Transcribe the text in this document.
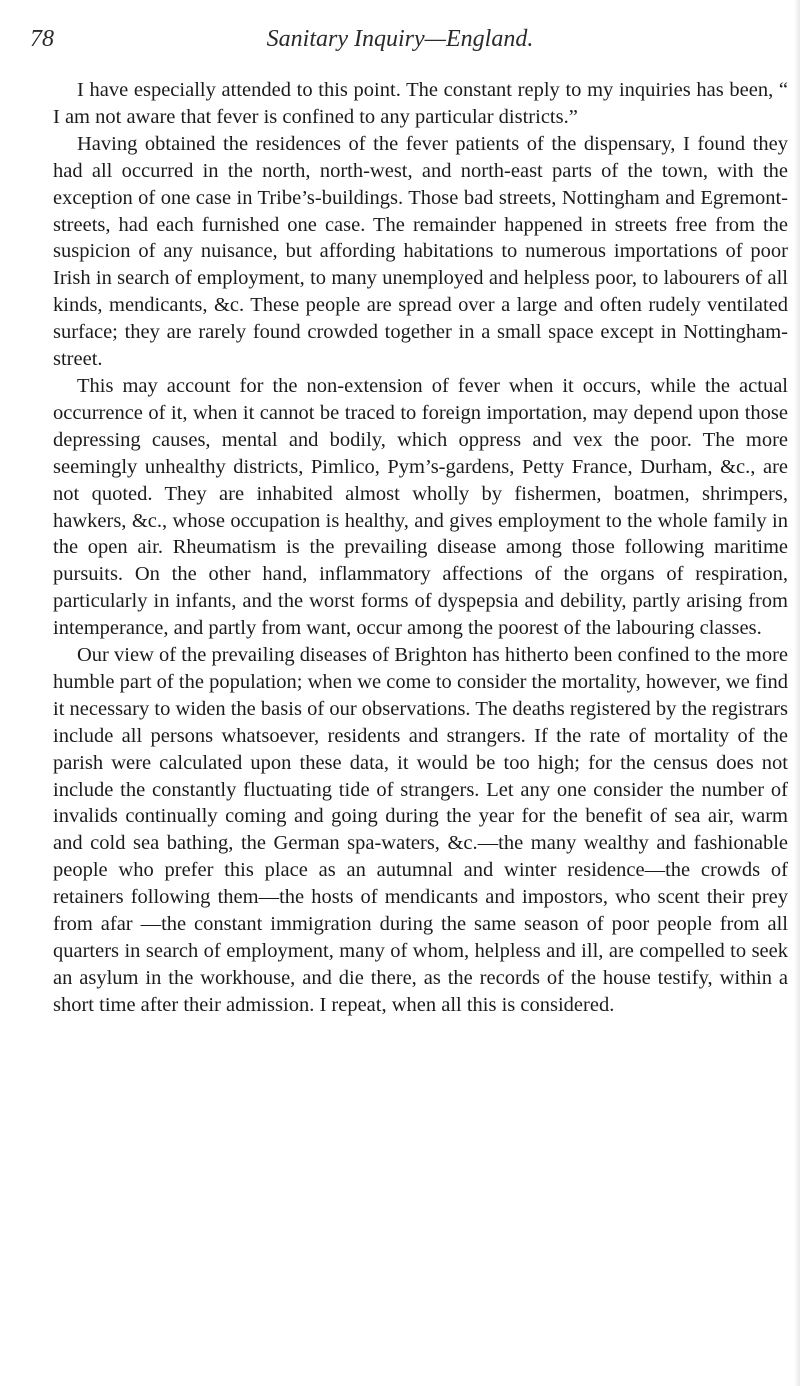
78	Sanitary Inquiry—England.

I have especially attended to this point. The constant reply to my inquiries has been, “ I am not aware that fever is confined to any particular districts.”

Having obtained the residences of the fever patients of the dispensary, I found they had all occurred in the north, north-west, and north-east parts of the town, with the exception of one case in Tribe’s-buildings. Those bad streets, Nottingham and Egremont-streets, had each furnished one case. The remainder happened in streets free from the suspicion of any nuisance, but affording habitations to numerous importations of poor Irish in search of employment, to many unemployed and helpless poor, to labourers of all kinds, mendicants, &c. These people are spread over a large and often rudely ventilated surface; they are rarely found crowded together in a small space except in Nottingham-street.

This may account for the non-extension of fever when it occurs, while the actual occurrence of it, when it cannot be traced to foreign importation, may depend upon those depressing causes, mental and bodily, which oppress and vex the poor. The more seemingly unhealthy districts, Pimlico, Pym’s-gardens, Petty France, Durham, &c., are not quoted. They are inhabited almost wholly by fishermen, boatmen, shrimpers, hawkers, &c., whose occupation is healthy, and gives employment to the whole family in the open air. Rheumatism is the prevailing disease among those following maritime pursuits. On the other hand, inflammatory affections of the organs of respiration, particularly in infants, and the worst forms of dyspepsia and debility, partly arising from intemperance, and partly from want, occur among the poorest of the labouring classes.

Our view of the prevailing diseases of Brighton has hitherto been confined to the more humble part of the population; when we come to consider the mortality, however, we find it necessary to widen the basis of our observations. The deaths registered by the registrars include all persons whatsoever, residents and strangers. If the rate of mortality of the parish were calculated upon these data, it would be too high; for the census does not include the constantly fluctuating tide of strangers. Let any one consider the number of invalids continually coming and going during the year for the benefit of sea air, warm and cold sea bathing, the German spa-waters, &c.—the many wealthy and fashionable people who prefer this place as an autumnal and winter residence—the crowds of retainers following them—the hosts of mendicants and impostors, who scent their prey from afar —the constant immigration during the same season of poor people from all quarters in search of employment, many of whom, helpless and ill, are compelled to seek an asylum in the workhouse, and die there, as the records of the house testify, within a short time after their admission. I repeat, when all this is considered.
